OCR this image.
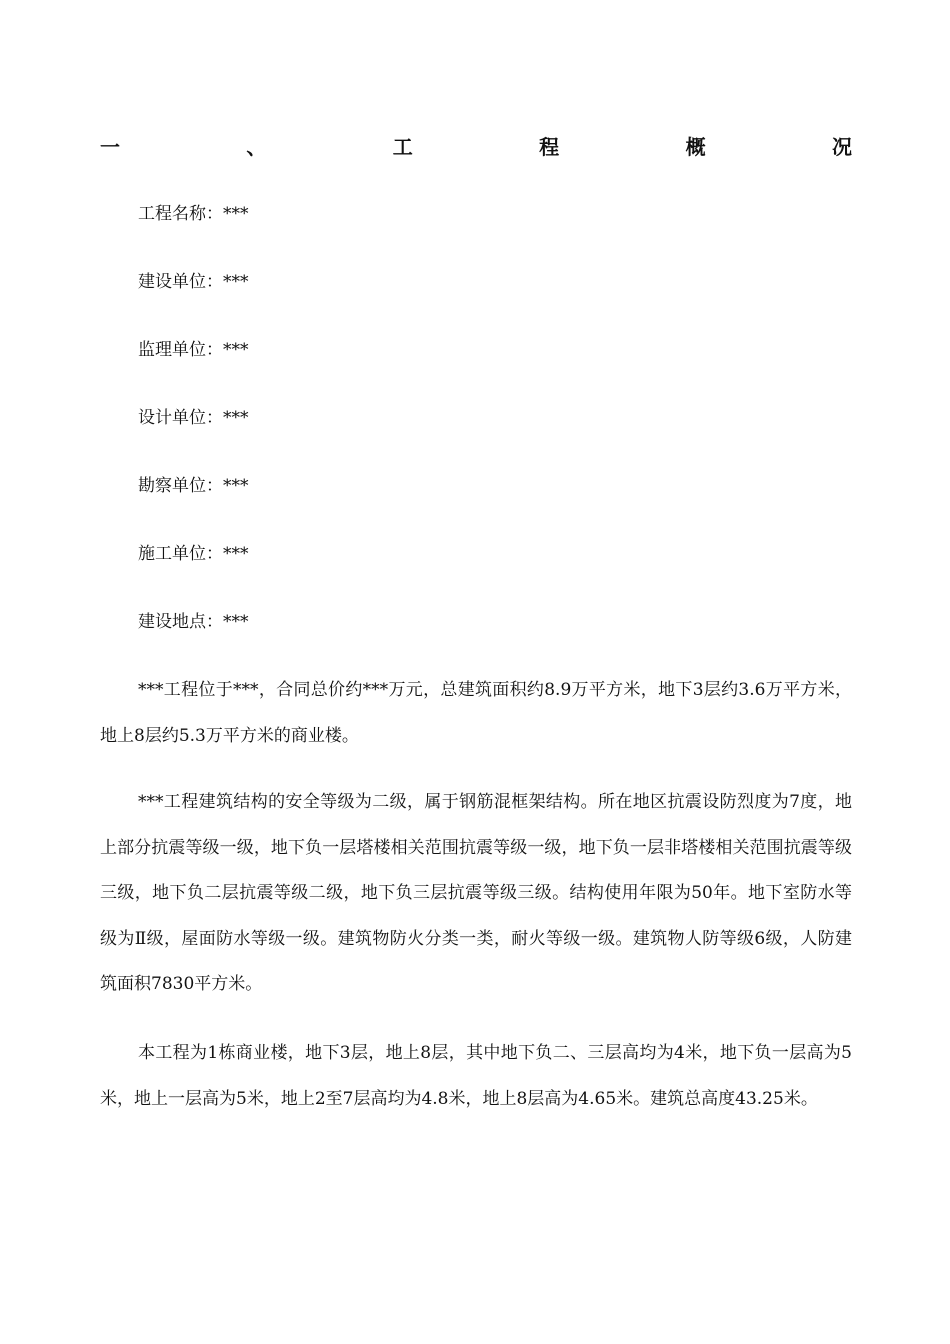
一	、	工	程	概	况
工程名称：***
建设单位：***
监理单位：***
设计单位：***
勘察单位：***
施工单位：***
建设地点：***

***工程位于***，合同总价约***万元，总建筑面积约8.9万平方米，地下3层约3.6万平方米，地上8层约5.3万平方米的商业楼。

***工程建筑结构的安全等级为二级，属于钢筋混框架结构。所在地区抗震设防烈度为7度，地上部分抗震等级一级，地下负一层塔楼相关范围抗震等级一级，地下负一层非塔楼相关范围抗震等级三级，地下负二层抗震等级二级，地下负三层抗震等级三级。结构使用年限为50年。地下室防水等级为Ⅱ级，屋面防水等级一级。建筑物防火分类一类，耐火等级一级。建筑物人防等级6级，人防建筑面积7830平方米。

本工程为1栋商业楼，地下3层，地上8层，其中地下负二、三层高均为4米，地下负一层高为5米，地上一层高为5米，地上2至7层高均为4.8米，地上8层高为4.65米。建筑总高度43.25米。
